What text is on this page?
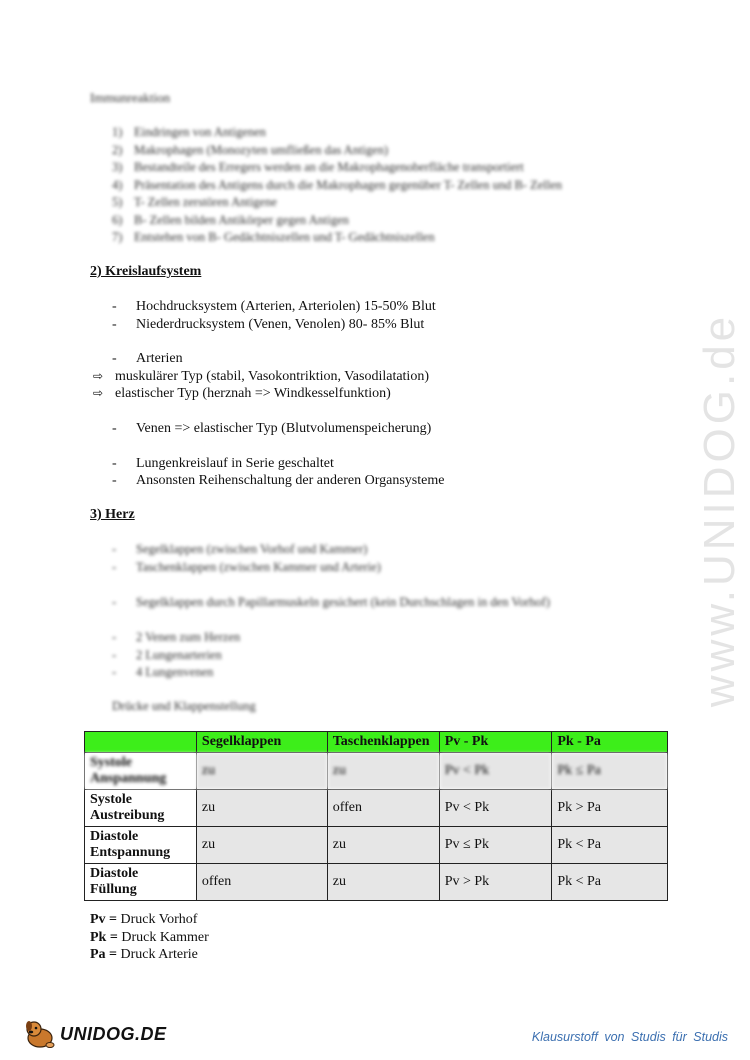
Immunreaktion
1) Eindringen von Antigenen
2) Makrophagen (Monozyten umfließen das Antigen)
3) Bestandteile des Erregers werden an die Makrophagenoberfläche transportiert
4) Präsentation des Antigens durch die Makrophagen gegenüber T- Zellen und B- Zellen
5) T- Zellen zerstören Antigene
6) B- Zellen bilden Antikörper gegen Antigen
7) Entstehen von B- Gedächtniszellen und T- Gedächtniszellen
2) Kreislaufsystem
- Hochdrucksystem (Arterien, Arteriolen) 15-50% Blut
- Niederdrucksystem (Venen, Venolen) 80- 85% Blut
- Arterien
⇨ muskulärer Typ (stabil, Vasokontriktion, Vasodilatation)
⇨ elastischer Typ (herznah => Windkesselfunktion)
- Venen => elastischer Typ (Blutvolumenspeicherung)
- Lungenkreislauf in Serie geschaltet
- Ansonsten Reihenschaltung der anderen Organsysteme
3) Herz
- Segelklappen (zwischen Vorhof und Kammer)
- Taschenklappen (zwischen Kammer und Arterie)
- Segelklappen durch Papillarmuskeln gesichert (kein Durchschlagen in den Vorhof)
- 2 Venen zum Herzen
- 2 Lungenarterien
- 4 Lungenvenen
Drücke und Klappenstellung
	Segelklappen	Taschenklappen	Pv - Pk	Pk - Pa

Systole
Anspannung	zu	zu	Pv < Pk	Pk ≤ Pa

Systole
Austreibung	zu	offen	Pv < Pk	Pk > Pa

Diastole
Entspannung	zu	zu	Pv ≤ Pk	Pk < Pa

Diastole
Füllung	offen	zu	Pv > Pk	Pk < Pa
Pv = Druck Vorhof
Pk = Druck Kammer
Pa = Druck Arterie
www.UNIDOG.de
UNIDOG.DE	Klausurstoff von Studis für Studis
